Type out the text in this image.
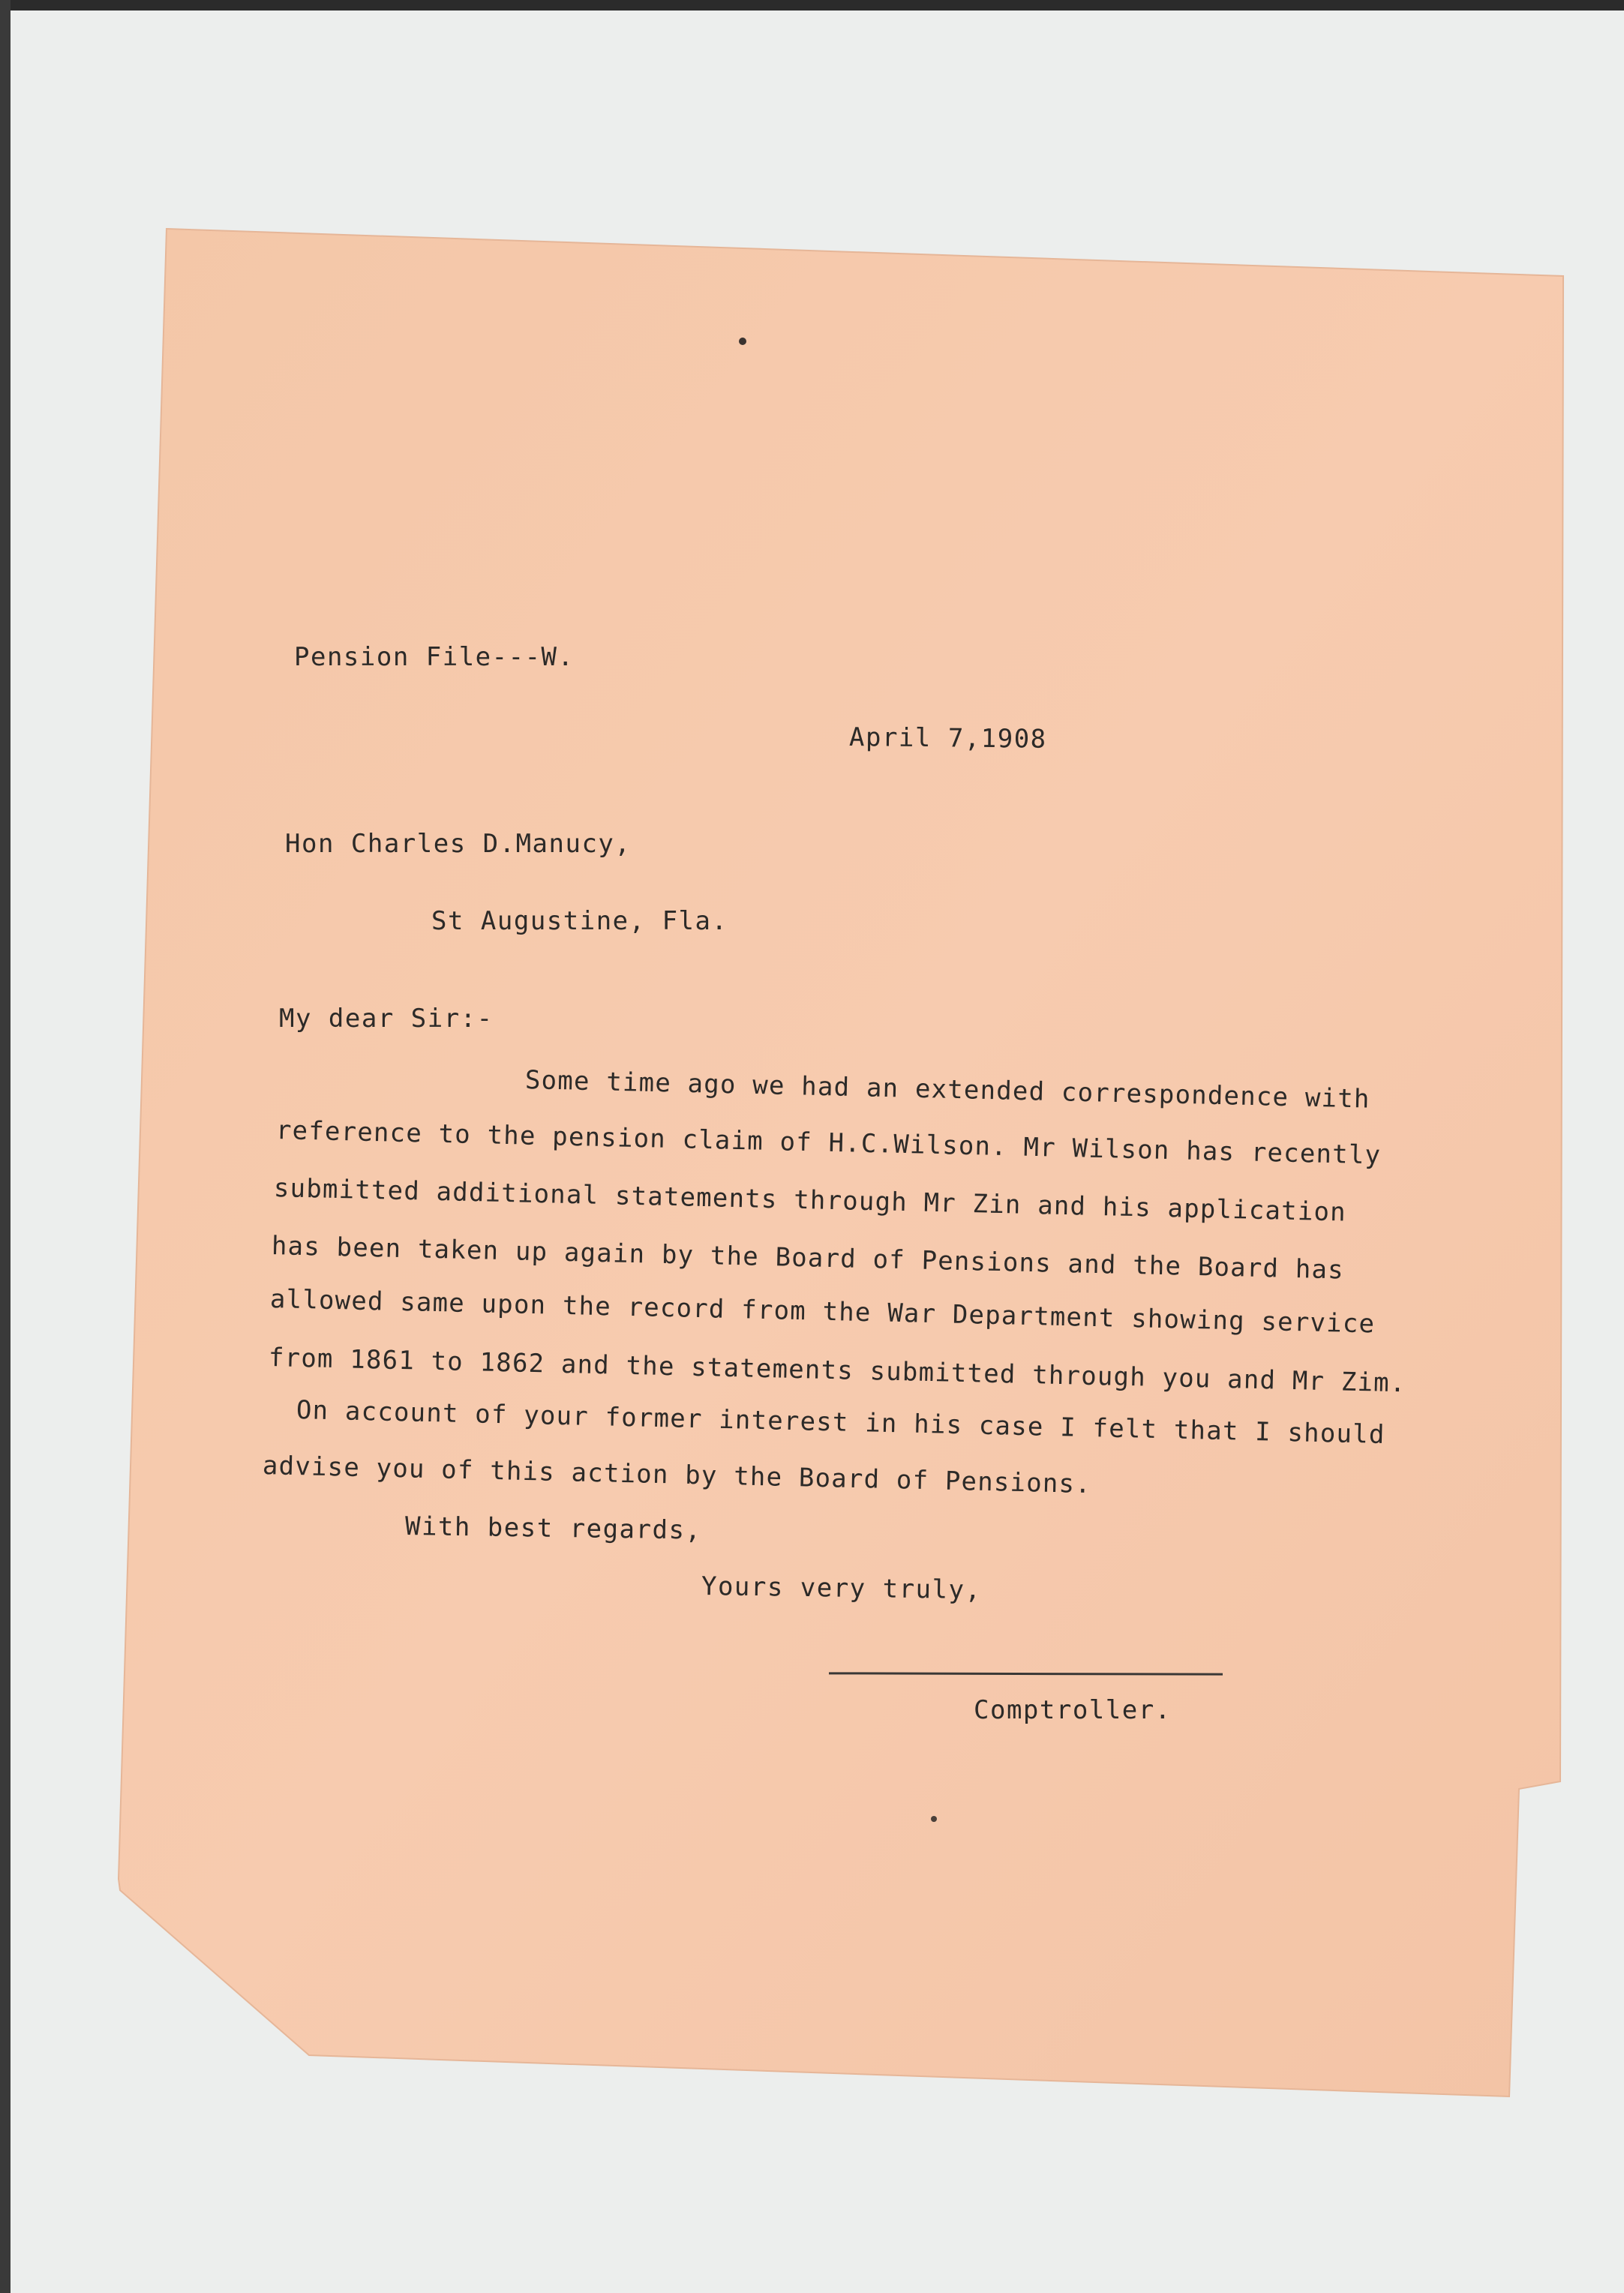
Pension File---W.
April 7,1908
Hon Charles D.Manucy,
St Augustine, Fla.
My dear Sir:-
Some time ago we had an extended correspondence with
reference to the pension claim of H.C.Wilson. Mr Wilson has recently
submitted additional statements through Mr Zin and his application
has been taken up again by the Board of Pensions and the Board has
allowed same upon the record from the War Department showing service
from 1861 to 1862 and the statements submitted through you and Mr Zim.
On account of your former interest in his case I felt that I should
advise you of this action by the Board of Pensions.
With best regards,
Yours very truly,
Comptroller.
